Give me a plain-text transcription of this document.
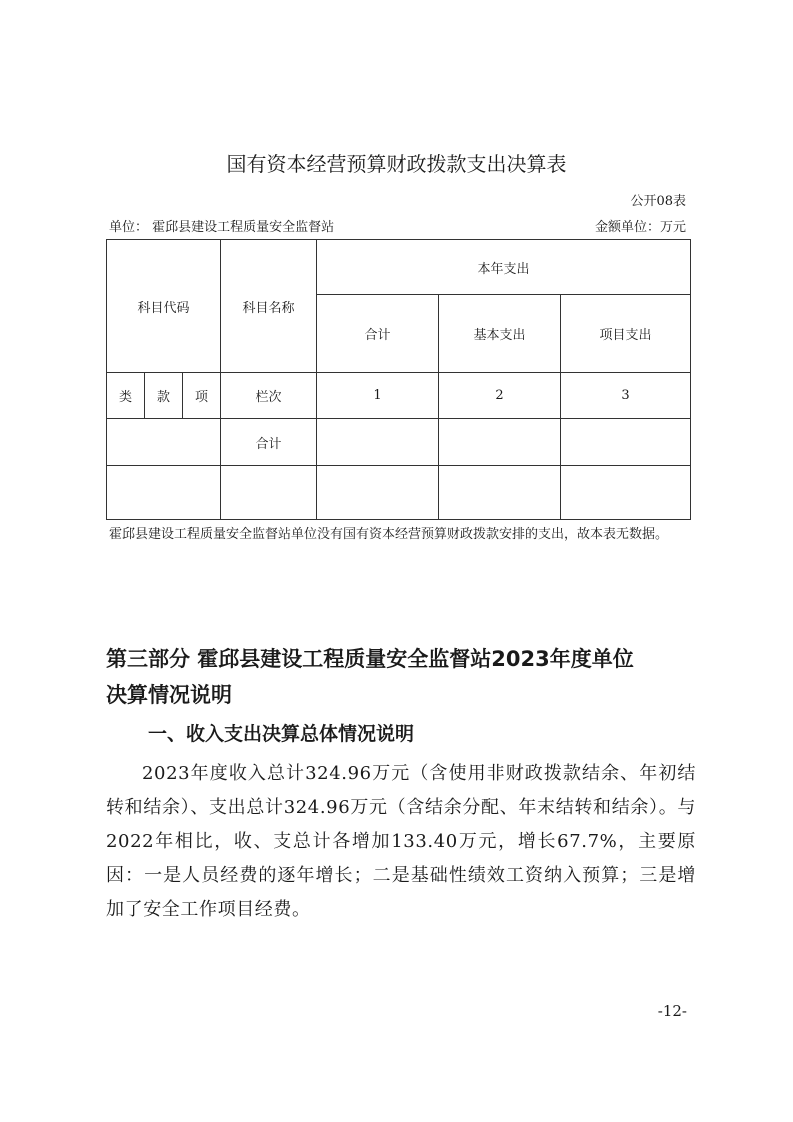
国有资本经营预算财政拨款支出决算表
公开08表
单位： 霍邱县建设工程质量安全监督站	金额单位：万元
科目代码			科目名称	本年支出		
				合计	基本支出	项目支出
类	款	项	栏次	1	2	3
			合计			

霍邱县建设工程质量安全监督站单位没有国有资本经营预算财政拨款安排的支出，故本表无数据。
第三部分 霍邱县建设工程质量安全监督站2023年度单位
决算情况说明
一、收入支出决算总体情况说明
2023年度收入总计324.96万元（含使用非财政拨款结余、年初结转和结余）、支出总计324.96万元（含结余分配、年末结转和结余）。与2022年相比，收、支总计各增加133.40万元，增长67.7%，主要原因：一是人员经费的逐年增长；二是基础性绩效工资纳入预算；三是增加了安全工作项目经费。
-12-
